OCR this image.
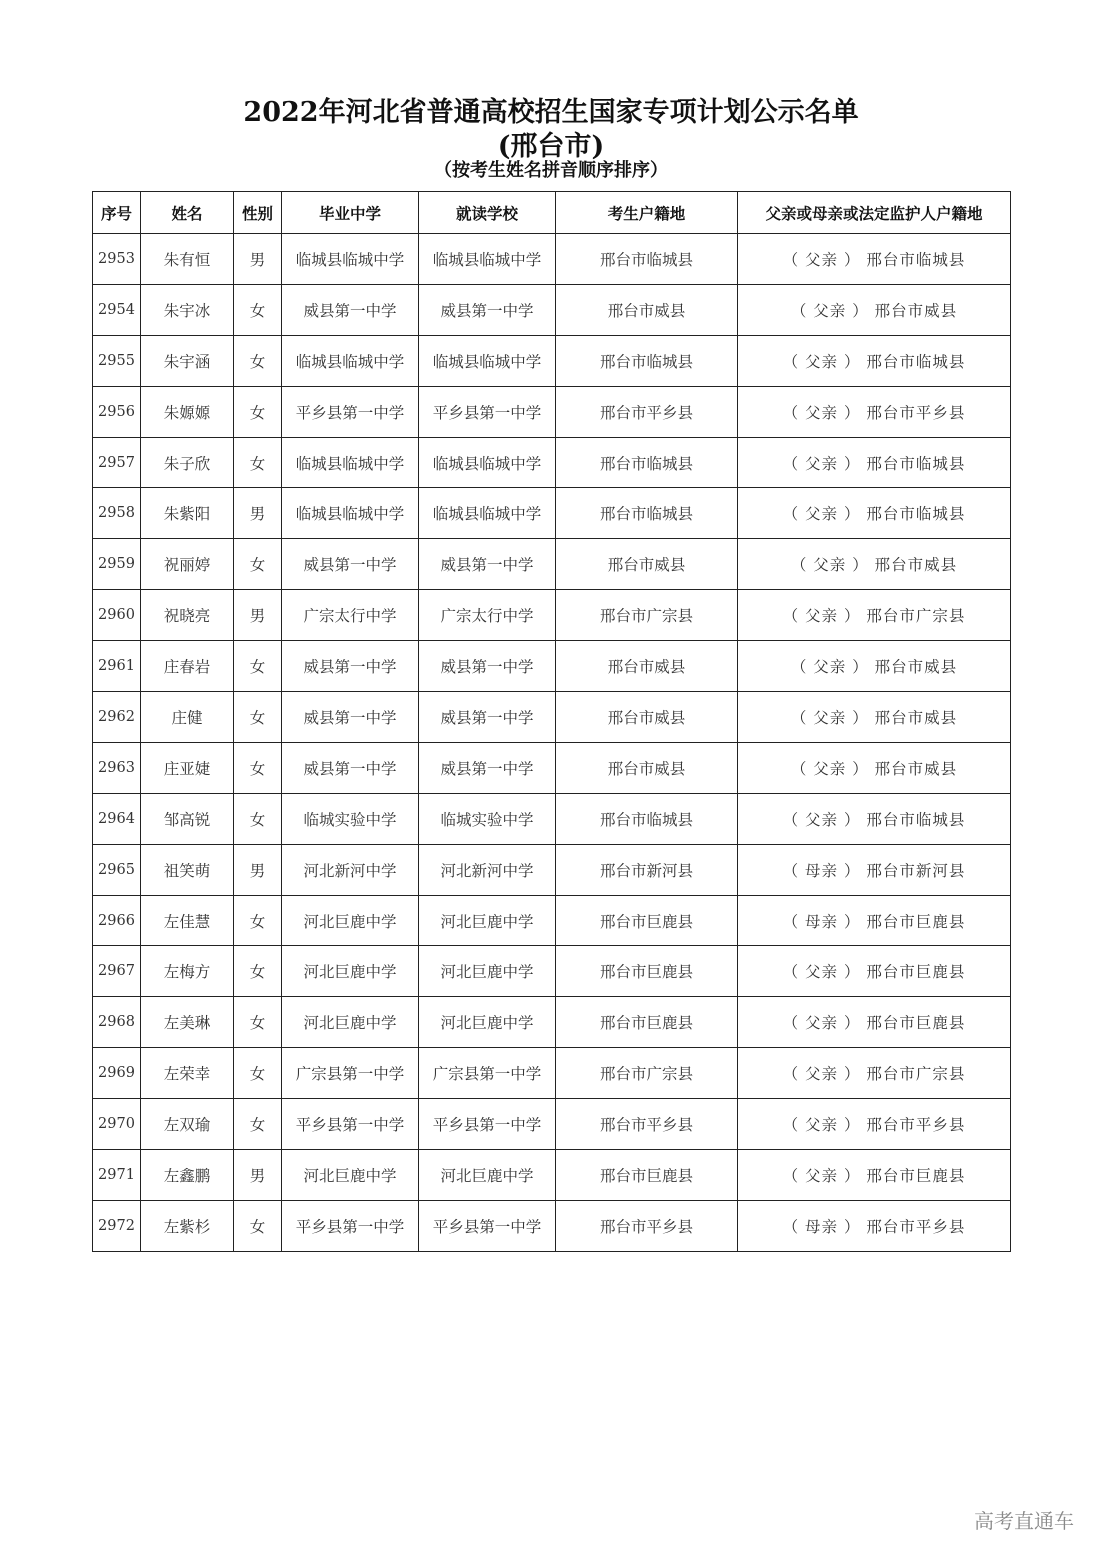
2022年河北省普通高校招生国家专项计划公示名单
(邢台市)
（按考生姓名拼音顺序排序）
序号	姓名	性别	毕业中学	就读学校	考生户籍地	父亲或母亲或法定监护人户籍地
2953	朱有恒	男	临城县临城中学	临城县临城中学	邢台市临城县	（ 父亲 ） 邢台市临城县
2954	朱宇冰	女	威县第一中学	威县第一中学	邢台市威县	（ 父亲 ） 邢台市威县
2955	朱宇涵	女	临城县临城中学	临城县临城中学	邢台市临城县	（ 父亲 ） 邢台市临城县
2956	朱嫄嫄	女	平乡县第一中学	平乡县第一中学	邢台市平乡县	（ 父亲 ） 邢台市平乡县
2957	朱子欣	女	临城县临城中学	临城县临城中学	邢台市临城县	（ 父亲 ） 邢台市临城县
2958	朱紫阳	男	临城县临城中学	临城县临城中学	邢台市临城县	（ 父亲 ） 邢台市临城县
2959	祝丽婷	女	威县第一中学	威县第一中学	邢台市威县	（ 父亲 ） 邢台市威县
2960	祝晓亮	男	广宗太行中学	广宗太行中学	邢台市广宗县	（ 父亲 ） 邢台市广宗县
2961	庄春岩	女	威县第一中学	威县第一中学	邢台市威县	（ 父亲 ） 邢台市威县
2962	庄健	女	威县第一中学	威县第一中学	邢台市威县	（ 父亲 ） 邢台市威县
2963	庄亚婕	女	威县第一中学	威县第一中学	邢台市威县	（ 父亲 ） 邢台市威县
2964	邹高锐	女	临城实验中学	临城实验中学	邢台市临城县	（ 父亲 ） 邢台市临城县
2965	祖笑萌	男	河北新河中学	河北新河中学	邢台市新河县	（ 母亲 ） 邢台市新河县
2966	左佳慧	女	河北巨鹿中学	河北巨鹿中学	邢台市巨鹿县	（ 母亲 ） 邢台市巨鹿县
2967	左梅方	女	河北巨鹿中学	河北巨鹿中学	邢台市巨鹿县	（ 父亲 ） 邢台市巨鹿县
2968	左美琳	女	河北巨鹿中学	河北巨鹿中学	邢台市巨鹿县	（ 父亲 ） 邢台市巨鹿县
2969	左荣幸	女	广宗县第一中学	广宗县第一中学	邢台市广宗县	（ 父亲 ） 邢台市广宗县
2970	左双瑜	女	平乡县第一中学	平乡县第一中学	邢台市平乡县	（ 父亲 ） 邢台市平乡县
2971	左鑫鹏	男	河北巨鹿中学	河北巨鹿中学	邢台市巨鹿县	（ 父亲 ） 邢台市巨鹿县
2972	左紫杉	女	平乡县第一中学	平乡县第一中学	邢台市平乡县	（ 母亲 ） 邢台市平乡县
高考直通车
